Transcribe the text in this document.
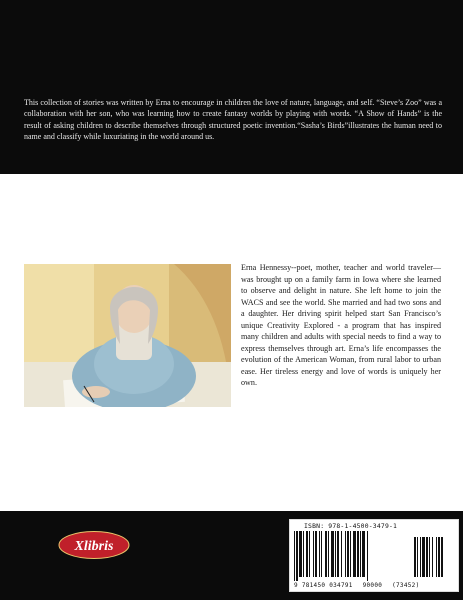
This collection of stories was written by Erna to encourage in children the love of nature, language, and self. “Steve’s Zoo” was a collaboration with her son, who was learning how to create fantasy worlds by playing with words. “A Show of Hands” is the result of asking children to describe themselves through structured poetic invention.“Sasha’s Birds”illustrates the human need to name and classify while luxuriating in the world around us.

Erna Hennessy--poet, mother, teacher and world traveler—was brought up on a family farm in Iowa where she learned to observe and delight in nature. She left home to join the WACS and see the world. She married and had two sons and a daughter. Her driving spirit helped start San Francisco’s unique Creativity Explored - a program that has inspired many children and adults with special needs to find a way to express themselves through art. Erna’s life encompasses the evolution of the American Woman, from rural labor to urban ease. Her tireless energy and love of words is uniquely her own.

Xlibris

ISBN: 978-1-4500-3479-1

9 781450 034791 90000 (73452)
